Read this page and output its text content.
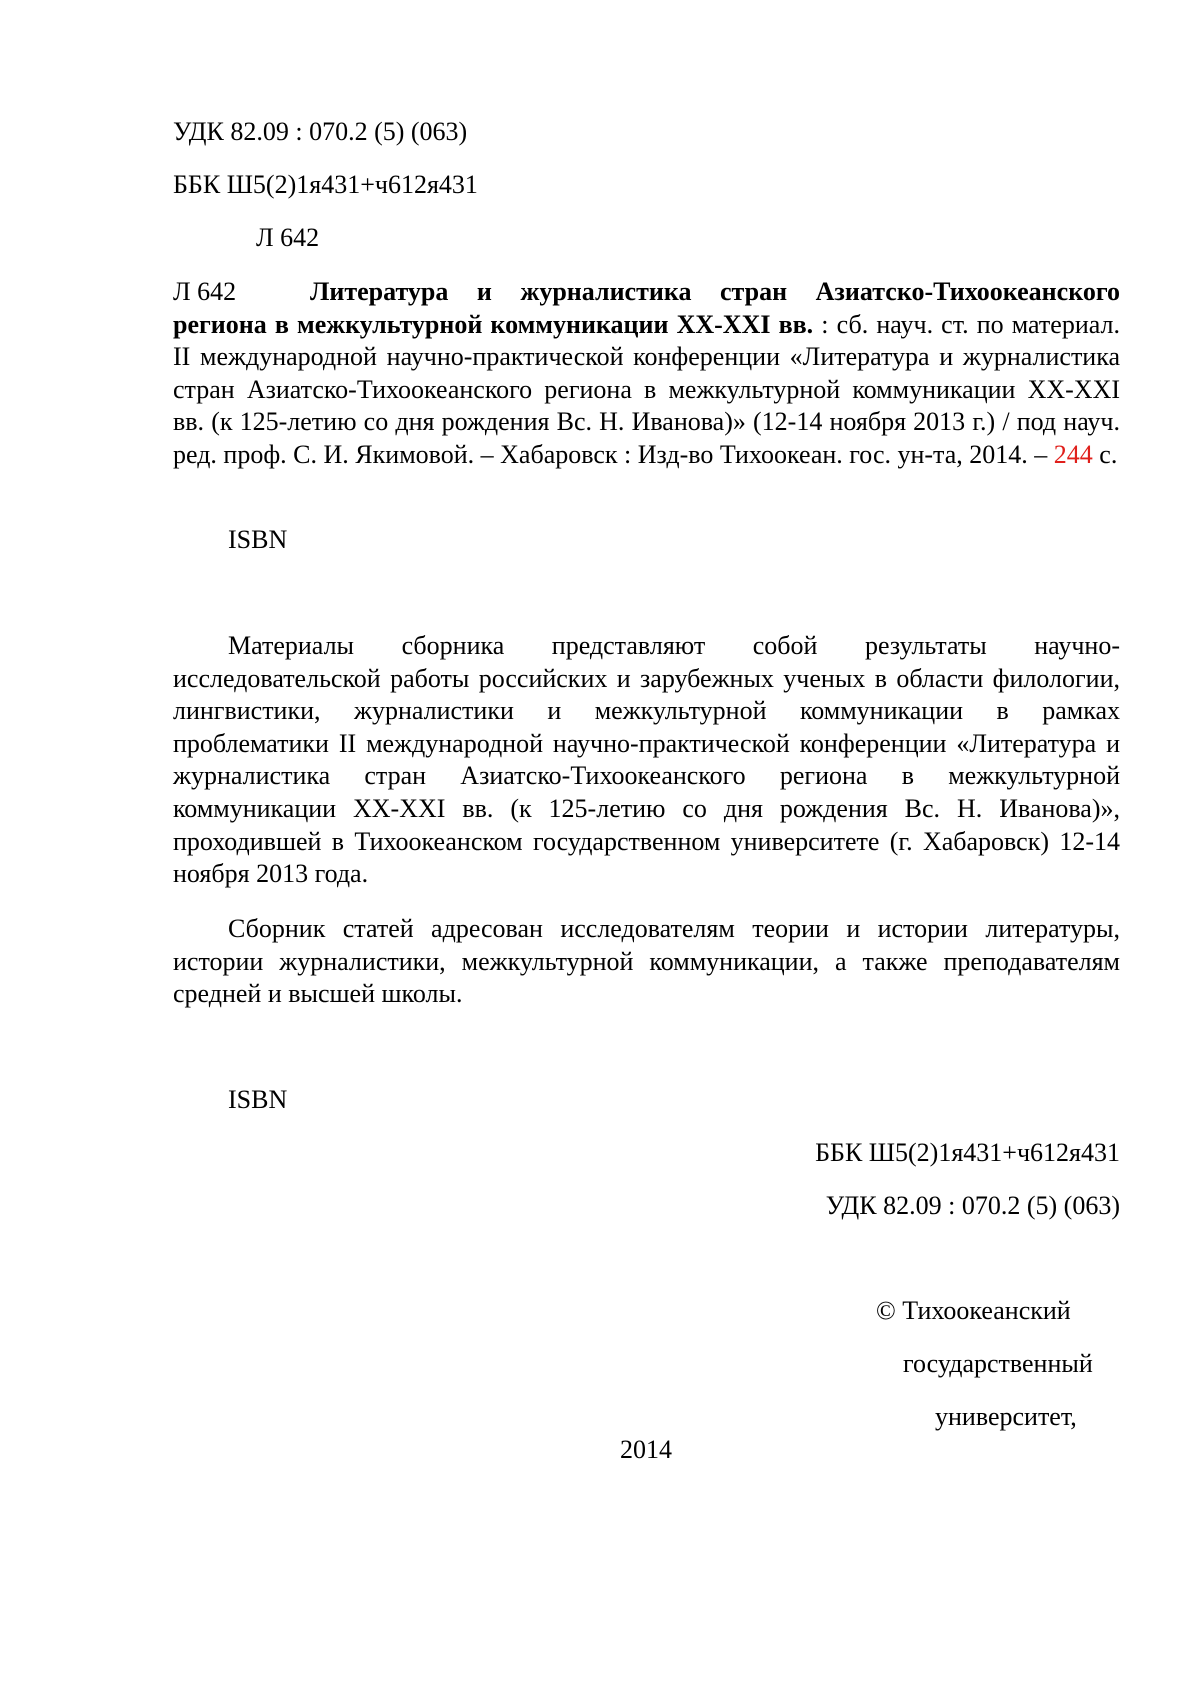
УДК 82.09 : 070.2 (5) (063)
ББК Ш5(2)1я431+ч612я431
Л 642

Л 642	Литература и журналистика стран Азиатско-Тихоокеанского региона в межкультурной коммуникации XX-XXI вв. : сб. науч. ст. по материал. II международной научно-практической конференции «Литература и журналистика стран Азиатско-Тихоокеанского региона в межкультурной коммуникации XX-XXI вв. (к 125-летию со дня рождения Вс. Н. Иванова)» (12-14 ноября 2013 г.) / под науч. ред. проф. С. И. Якимовой. – Хабаровск : Изд-во Тихоокеан. гос. ун-та, 2014. – 244 с.

ISBN

Материалы сборника представляют собой результаты научно-исследовательской работы российских и зарубежных ученых в области филологии, лингвистики, журналистики и межкультурной коммуникации в рамках проблематики II международной научно-практической конференции «Литература и журналистика стран Азиатско-Тихоокеанского региона в межкультурной коммуникации XX-XXI вв. (к 125-летию со дня рождения Вс. Н. Иванова)», проходившей в Тихоокеанском государственном университете (г. Хабаровск) 12-14 ноября 2013 года.

Сборник статей адресован исследователям теории и истории литературы, истории журналистики, межкультурной коммуникации, а также преподавателям средней и высшей школы.

ISBN
ББК Ш5(2)1я431+ч612я431
УДК 82.09 : 070.2 (5) (063)
© Тихоокеанский
государственный
университет,
2014
